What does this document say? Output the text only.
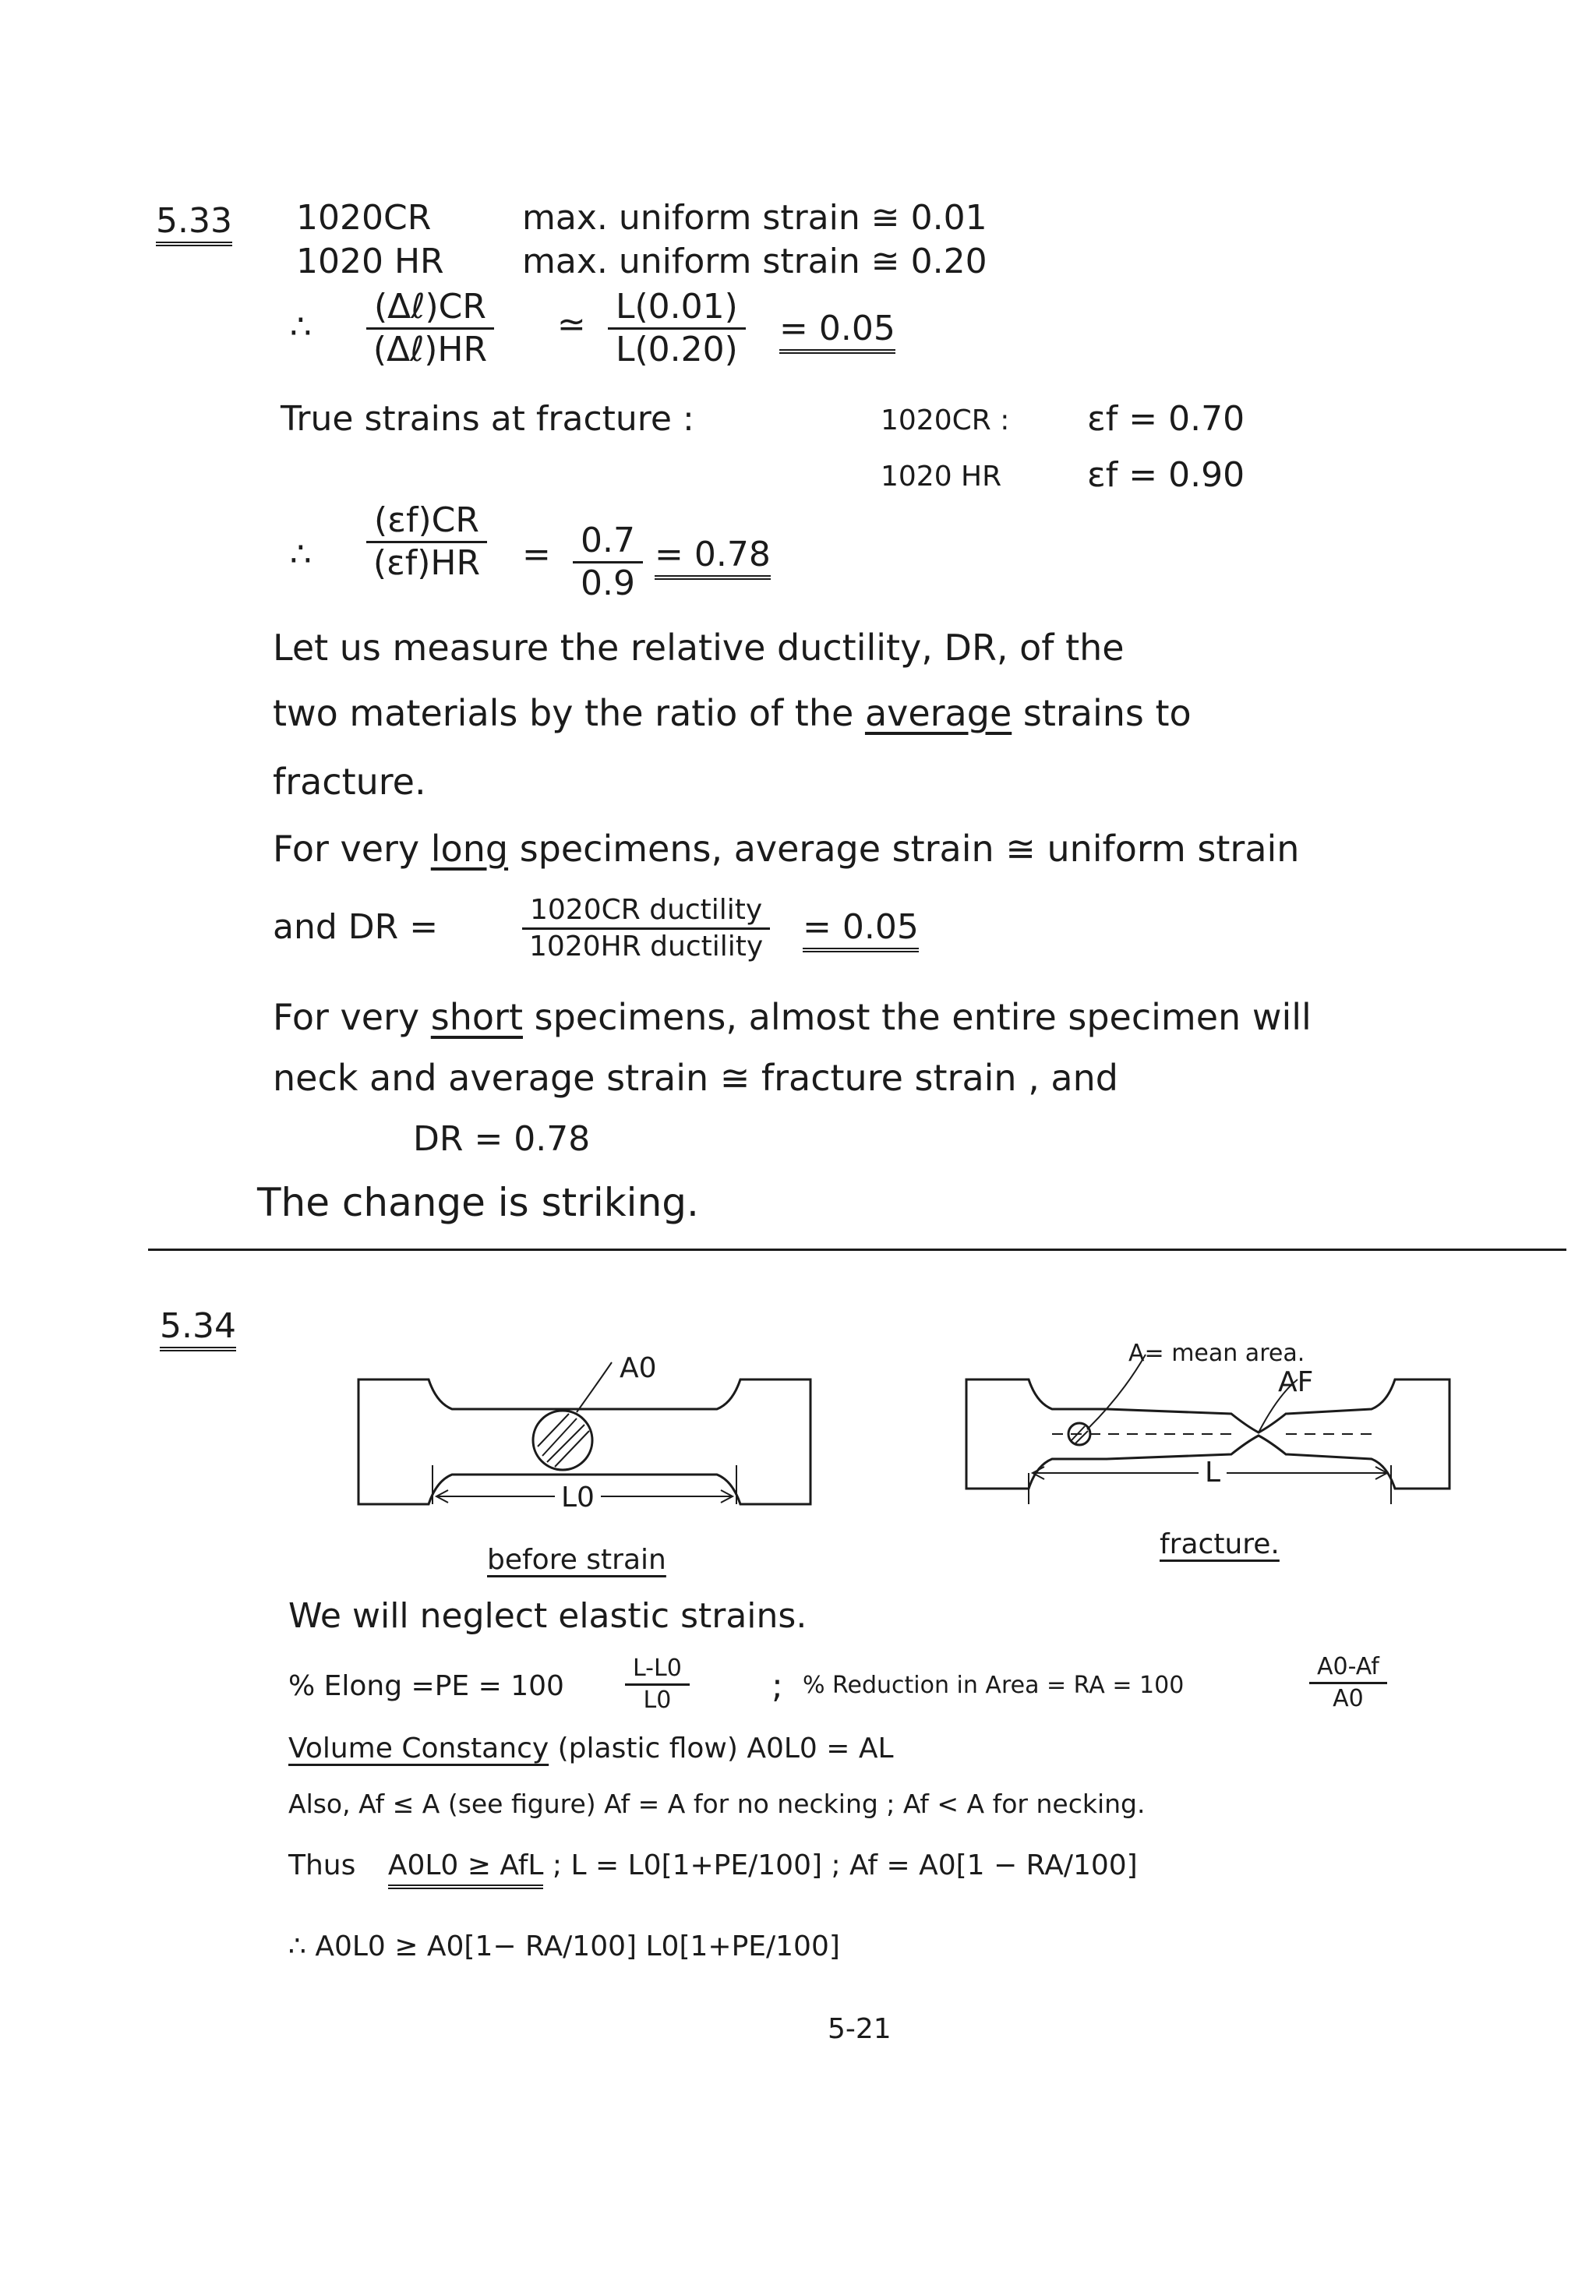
5.33 1020CR	max. uniform strain ≅ 0.01
1020 HR max. uniform strain ≅ 0.20
∴
(Δℓ)CR
(Δℓ)HR
≃ $\frac{L(0.01)}{L(0.20)} = 0.05$
True strains at fracture :	1020CR : εf = 0.70
1020 HR εf = 0.90
∴ $\frac{(\varepsilon f)CR}{(\varepsilon f)HR} = \frac{0.7}{0.9} = 0.78$
Let us measure the relative ductility, DR, of the
two materials by the ratio of the average strains to
fracture.
For very long specimens, average strain ≅ uniform strain
and DR =	1020CR ductility
1020HR ductility = 0.05
For very short specimens, almost the entire specimen will
neck and average strain ≅ fracture strain , and
DR = 0.78
The change is striking.
5.34
A0
L0
before strain
A= mean area.
AF
L
fracture.
We will neglect elastic strains.
% Elong =PE = 100	$\frac{L-L0}{L0}$ ; % Reduction in Area = RA = 100	$\frac{A0-Af}{A0}$
Volume Constancy (plastic flow) A0L0 = AL
Also, Af ≤ A (see figure) Af = A for no necking ; Af < A for necking.
Thus A0L0 ≥ AfL ; L = L0[1+PE/100] ; Af = A0[1 − RA/100]
∴ A0L0 ≥ A0[1− RA/100] L0[1+PE/100]
5-21
